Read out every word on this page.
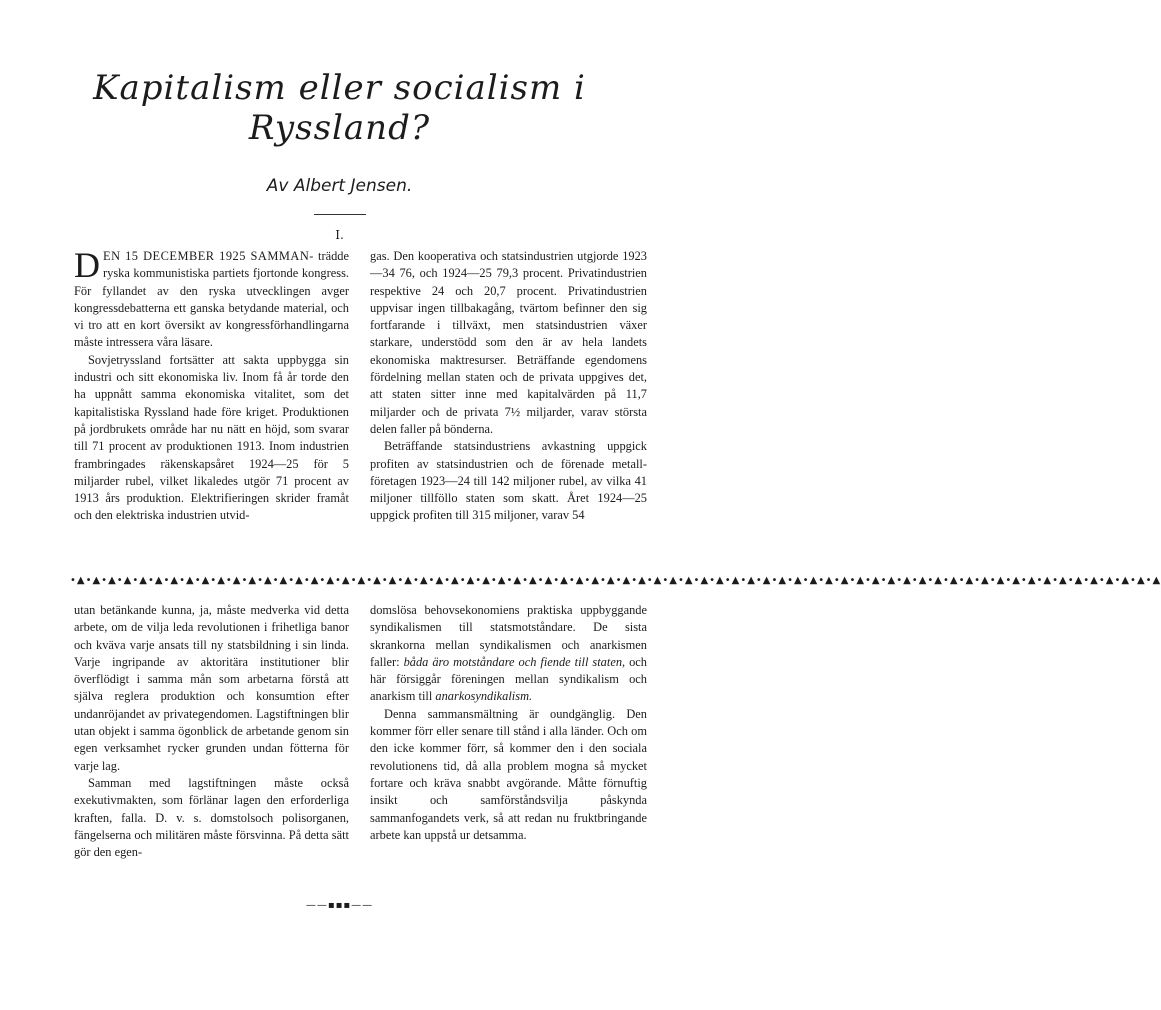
Kapitalism eller socialism i
Ryssland?
Av Albert Jensen.
I.

DEN 15 DECEMBER 1925 SAMMAN- trädde ryska kommunistiska partiets fjortonde kongress. För fyllandet av den ryska utvecklingen avger kongressdebatterna ett ganska betydande material, och vi tro att en kort översikt av kongressförhandlingarna måste intressera våra läsare.

Sovjetryssland fortsätter att sakta uppbygga sin industri och sitt ekonomiska liv. Inom få år torde den ha uppnått samma ekonomiska vitalitet, som det kapitalistiska Ryssland hade före kriget. Produktionen på jordbrukets område har nu nätt en höjd, som svarar till 71 procent av produktionen 1913. Inom industrien frambringades räkenskapsåret 1924—25 för 5 miljarder rubel, vilket likaledes utgör 71 procent av 1913 års produktion. Elektrifieringen skrider framåt och den elektriska industrien utvid-

gas. Den kooperativa och statsindustrien utgjorde 1923—34 76, och 1924—25 79,3 procent. Privatindustrien respektive 24 och 20,7 procent. Privatindustrien uppvisar ingen tillbakagång, tvärtom befinner den sig fortfarande i tillväxt, men statsindustrien växer starkare, understödd som den är av hela landets ekonomiska maktresurser. Beträffande egendomens fördelning mellan staten och de privata uppgives det, att staten sitter inne med kapitalvärden på 11,7 miljarder och de privata 7½ miljarder, varav största delen faller på bönderna.

Beträffande statsindustriens avkastning uppgick profiten av statsindustrien och de förenade metall-företagen 1923—24 till 142 miljoner rubel, av vilka 41 miljoner tillföllo staten som skatt. Året 1924—25 uppgick profiten till 315 miljoner, varav 54

•▲•▲•▲•▲•▲•▲•▲•▲•▲•▲•▲•▲•▲•▲•▲•▲•▲•▲•▲•▲•▲•▲•▲•▲•▲•▲•▲•▲•▲•▲•▲•▲•▲•▲•▲•▲•▲•▲•▲•▲•▲•▲•▲•▲•▲•▲•▲•▲•▲•▲•▲•▲•▲•▲•▲•▲•▲•▲•▲•▲•▲•▲•▲•▲•▲•▲•▲•▲•▲•▲

utan betänkande kunna, ja, måste medverka vid detta arbete, om de vilja leda revolutionen i frihetliga banor och kväva varje ansats till ny statsbildning i sin linda. Varje ingripande av aktoritära institutioner blir överflödigt i samma mån som arbetarna förstå att själva reglera produktion och konsumtion efter undanröjandet av privategendomen. Lagstiftningen blir utan objekt i samma ögonblick de arbetande genom sin egen verksamhet rycker grunden undan fötterna för varje lag.

Samman med lagstiftningen måste också exekutivmakten, som förlänar lagen den erforderliga kraften, falla. D. v. s. domstolsoch polisorganen, fängelserna och militären måste försvinna. På detta sätt gör den egen-

domslösa behovsekonomiens praktiska uppbyggande syndikalismen till statsmotståndare. De sista skrankorna mellan syndikalismen och anarkismen faller: båda äro motståndare och fiende till staten, och här försiggår föreningen mellan syndikalism och anarkism till anarkosyndikalism.

Denna sammansmältning är oundgänglig. Den kommer förr eller senare till stånd i alla länder. Och om den icke kommer förr, så kommer den i den sociala revolutionens tid, då alla problem mogna så mycket fortare och kräva snabbt avgörande. Måtte förnuftig insikt och samförståndsvilja påskynda sammanfogandets verk, så att redan nu fruktbringande arbete kan uppstå ur detsamma.

——▪▪▪——
